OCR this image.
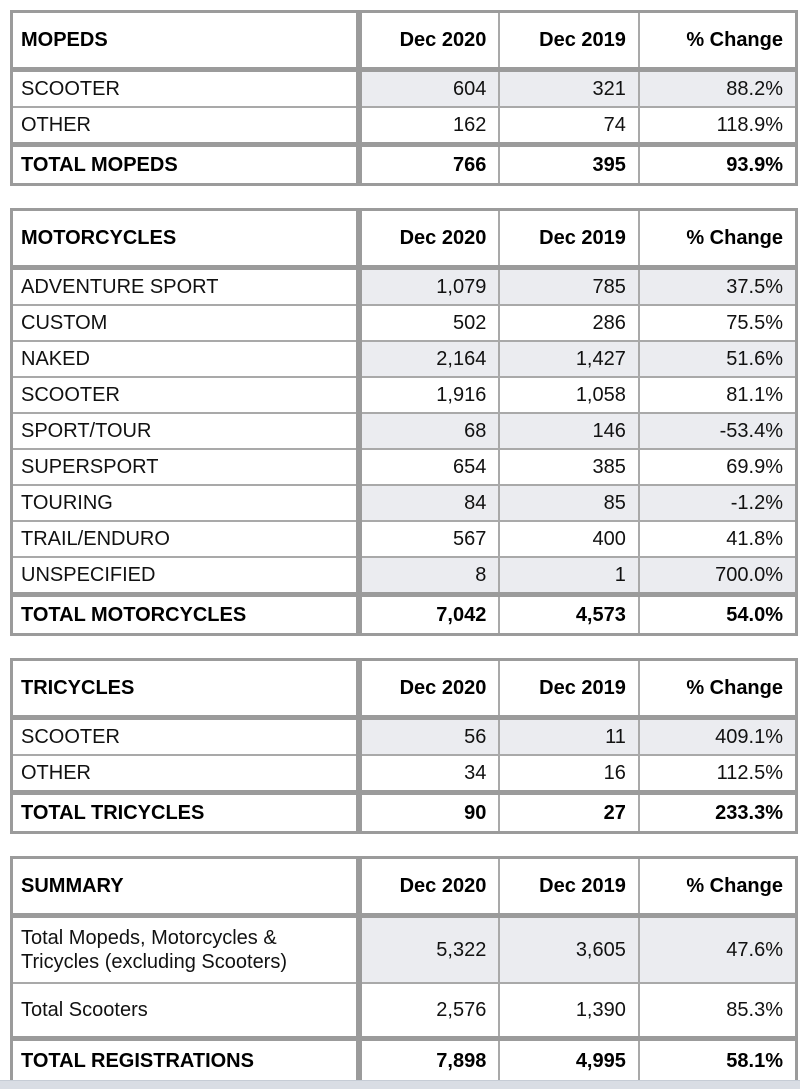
MOPEDS	Dec 2020	Dec 2019	% Change
SCOOTER	604	321	88.2%
OTHER	162	74	118.9%
TOTAL MOPEDS	766	395	93.9%
MOTORCYCLES	Dec 2020	Dec 2019	% Change
ADVENTURE SPORT	1,079	785	37.5%
CUSTOM	502	286	75.5%
NAKED	2,164	1,427	51.6%
SCOOTER	1,916	1,058	81.1%
SPORT/TOUR	68	146	-53.4%
SUPERSPORT	654	385	69.9%
TOURING	84	85	-1.2%
TRAIL/ENDURO	567	400	41.8%
UNSPECIFIED	8	1	700.0%
TOTAL MOTORCYCLES	7,042	4,573	54.0%
TRICYCLES	Dec 2020	Dec 2019	% Change
SCOOTER	56	11	409.1%
OTHER	34	16	112.5%
TOTAL TRICYCLES	90	27	233.3%
SUMMARY	Dec 2020	Dec 2019	% Change
Total Mopeds, Motorcycles & Tricycles (excluding Scooters)	5,322	3,605	47.6%
Total Scooters	2,576	1,390	85.3%
TOTAL REGISTRATIONS	7,898	4,995	58.1%
